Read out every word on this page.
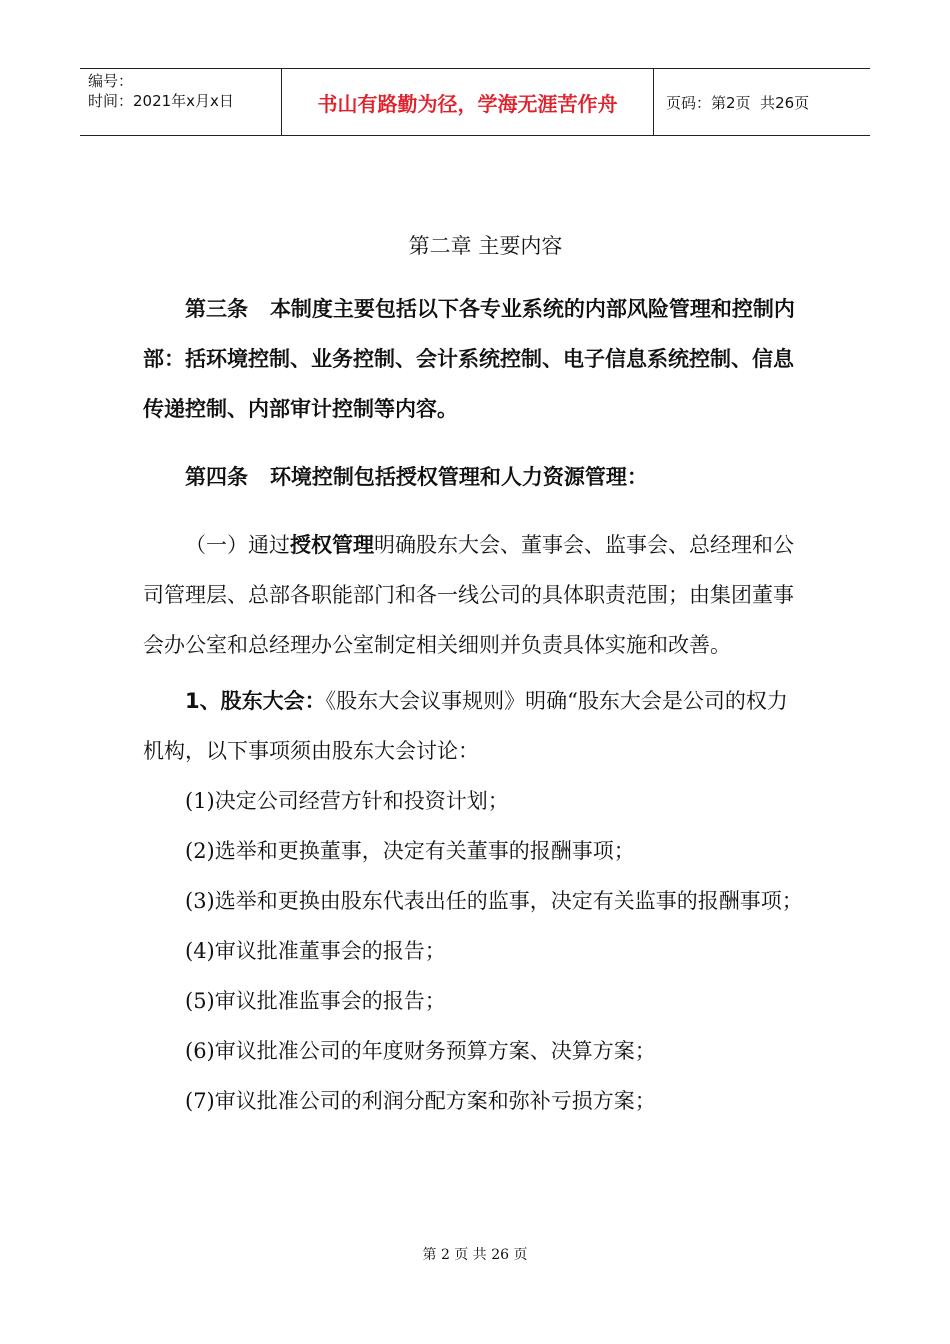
编号：
时间：2021年x月x日	书山有路勤为径，学海无涯苦作舟	页码：第2页  共26页
第二章 主要内容

第三条 本制度主要包括以下各专业系统的内部风险管理和控制内部：括环境控制、业务控制、会计系统控制、电子信息系统控制、信息传递控制、内部审计控制等内容。

第四条 环境控制包括授权管理和人力资源管理：

（一）通过授权管理明确股东大会、董事会、监事会、总经理和公司管理层、总部各职能部门和各一线公司的具体职责范围；由集团董事会办公室和总经理办公室制定相关细则并负责具体实施和改善。

1、股东大会：《股东大会议事规则》明确“股东大会是公司的权力机构，以下事项须由股东大会讨论：

(1)决定公司经营方针和投资计划；

(2)选举和更换董事，决定有关董事的报酬事项；

(3)选举和更换由股东代表出任的监事，决定有关监事的报酬事项；

(4)审议批准董事会的报告；

(5)审议批准监事会的报告；

(6)审议批准公司的年度财务预算方案、决算方案；

(7)审议批准公司的利润分配方案和弥补亏损方案；

第 2 页 共 26 页
